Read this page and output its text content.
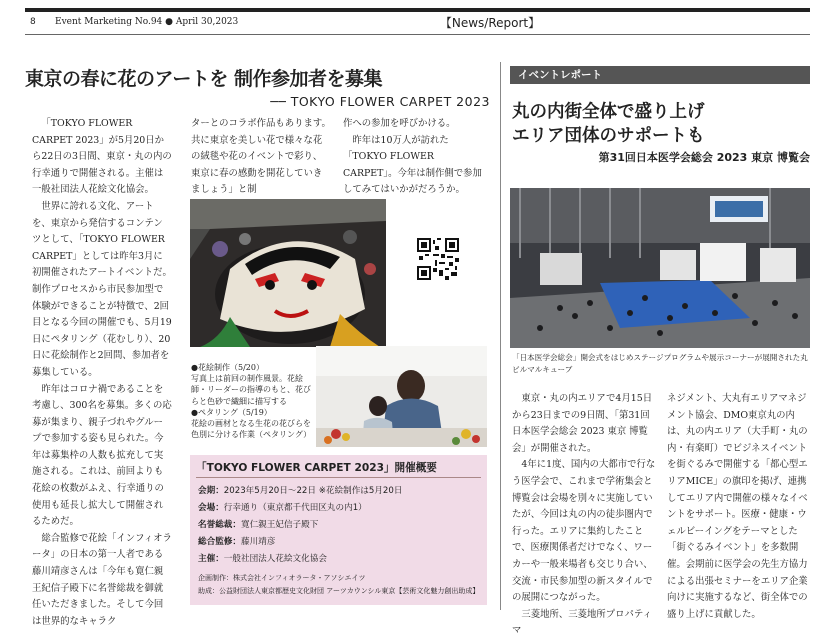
8 Event Marketing No.94 ● April 30,2023	【News/Report】
東京の春に花のアートを 制作参加者を募集
── TOKYO FLOWER CARPET 2023

「TOKYO FLOWER CARPET 2023」が5月20日から22日の3日間、東京・丸の内の行幸通りで開催される。主催は一般社団法人花絵文化協会。

世界に誇れる文化、アートを、東京から発信するコンテンツとして、「TOKYO FLOWER CARPET」としては昨年3月に初開催されたアートイベントだ。制作プロセスから市民参加型で体験ができることが特徴で、2回目となる今回の開催でも、5月19日にペタリング（花むしり）、20日に花絵制作と2回問、参加者を募集している。

昨年はコロナ禍であることを考慮し、300名を募集。多くの応募が集まり、親子づれやグループで参加する姿も見られた。今年は募集枠の人数も拡充して実施される。これは、前回よりも花絵の枚数がふえ、行幸通りの使用も延長し拡大して開催されるためだ。

総合監修で花絵「インフィオラータ」の日本の第一人者である藤川靖彦さんは「今年も寛仁親王紀信子殿下に名誉総裁を御就任いただきました。そして今回は世界的なキャラク

ターとのコラボ作品もあります。共に東京を美しい花で様々な花の絨毯や花のイベントで彩り、東京に春の感動を開花していきましょう」と制

作への参加を呼びかける。

昨年は10万人が訪れた「TOKYO FLOWER CARPET」。今年は制作側で参加してみてはいかがだろうか。

●花絵制作（5/20）
写真上は前回の制作風景。花絵師・リーダーの指導のもと、花びらと色砂で繊細に描写する
●ペタリング（5/19）
花絵の画材となる生花の花びらを色別に分ける作業（ペタリング）
「TOKYO FLOWER CARPET 2023」開催概要
会期：2023年5月20日～22日 ※花絵制作は5月20日
会場：行幸通り（東京都千代田区丸の内1）
名誉総裁：寛仁親王妃信子殿下
総合監修：藤川靖彦
主催：一般社団法人花絵文化協会
企画制作：株式会社インフィオラータ・アソシエイツ
助成：公益財団法人東京都歴史文化財団 アーツカウンシル東京【芸術文化魅力創出助成】
イベントレポート
丸の内街全体で盛り上げ
エリア団体のサポートも
第31回日本医学会総会 2023 東京 博覧会
「日本医学会総会」開会式をはじめステージプログラムや展示コーナーが展開された丸ビルマルキューブ

東京・丸の内エリアで4月15日から23日までの9日間、「第31回日本医学会総会 2023 東京 博覧会」が開催された。

4年に1度、国内の大都市で行なう医学会で、これまで学術集会と博覧会は会場を別々に実施していたが、今回は丸の内の徒歩圏内で行った。エリアに集約したことで、医療関係者だけでなく、ワーカーや一般来場者も交じり合い、交流・市民参加型の新スタイルでの展開につながった。

三菱地所、三菱地所プロパティマ

ネジメント、大丸有エリアマネジメント協会、DMO東京丸の内は、丸の内エリア（大手町・丸の内・有楽町）でビジネスイベントを街ぐるみで開催する「都心型エリアMICE」の旗印を掲げ、連携してエリア内で開催の様々なイベントをサポート。医療・健康・ウェルビーイングをテーマとした「街ぐるみイベント」を多数開催。会期前に医学会の先生方協力による出張セミナーをエリア企業向けに実施するなど、街全体での盛り上げに貢献した。
